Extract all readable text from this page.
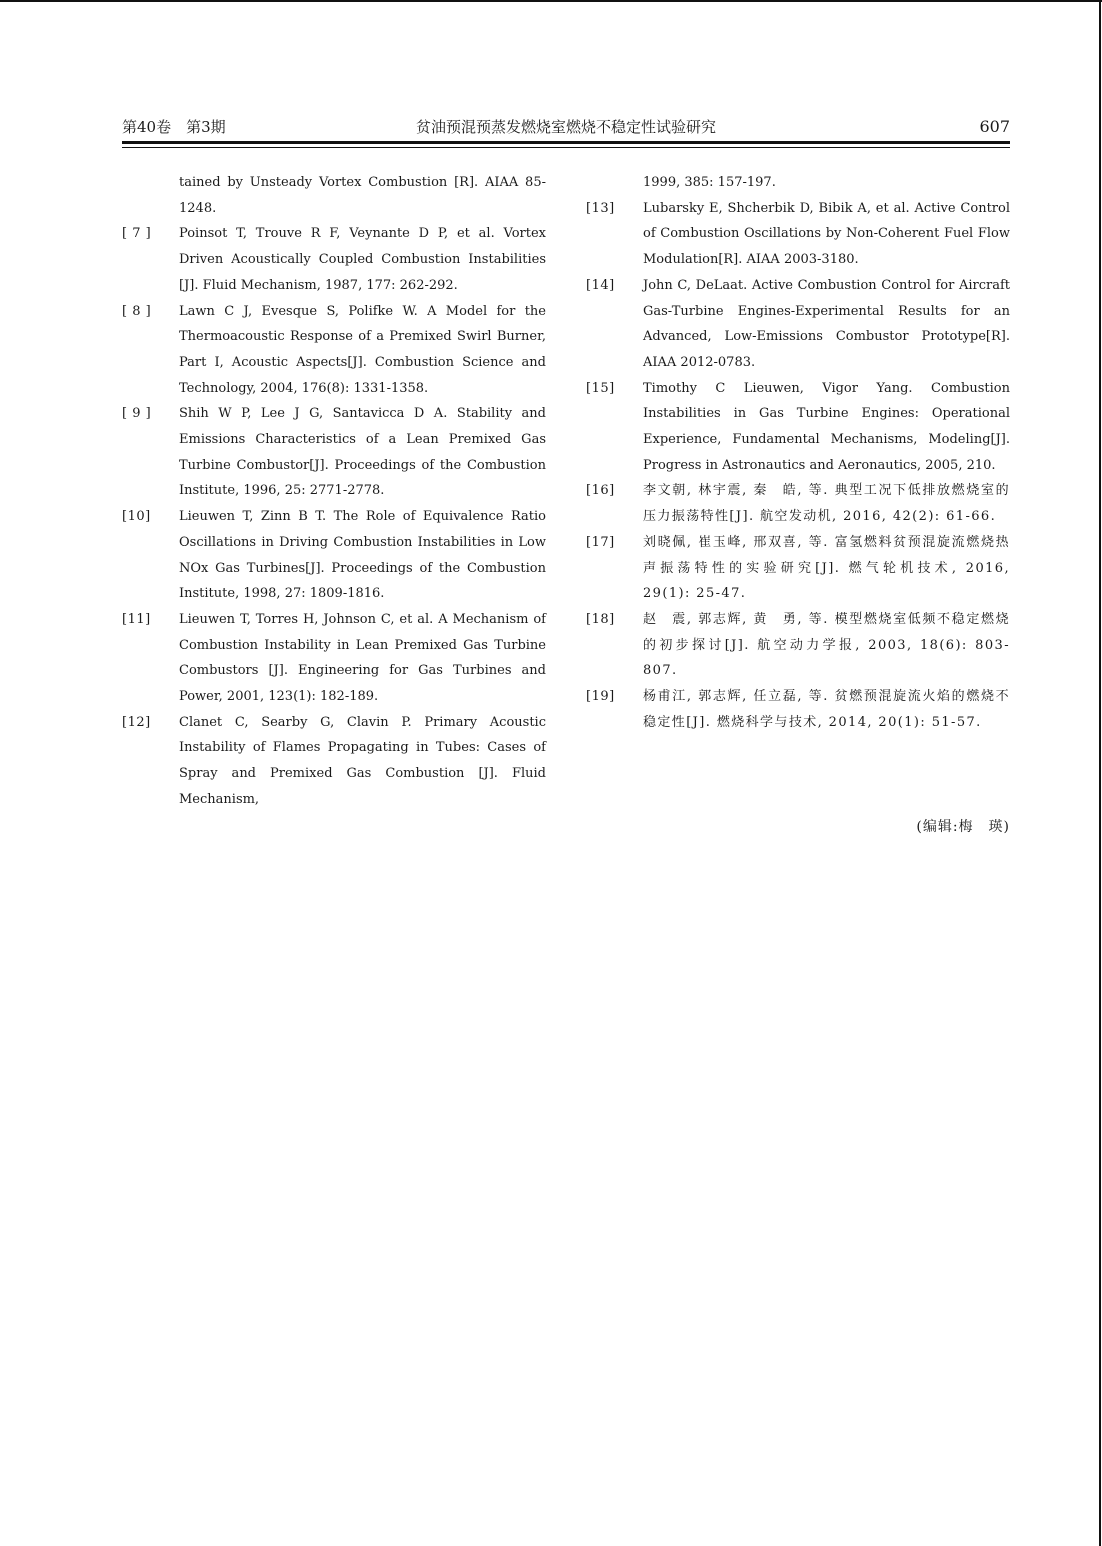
第40卷　第3期	贫油预混预蒸发燃烧室燃烧不稳定性试验研究	607
tained by Unsteady Vortex Combustion [R]. AIAA 85-1248.
[ 7 ]	Poinsot T, Trouve R F, Veynante D P, et al. Vortex Driven Acoustically Coupled Combustion Instabilities [J]. Fluid Mechanism, 1987, 177: 262-292.
[ 8 ]	Lawn C J, Evesque S, Polifke W. A Model for the Thermoacoustic Response of a Premixed Swirl Burner, Part I, Acoustic Aspects[J]. Combustion Science and Technology, 2004, 176(8): 1331-1358.
[ 9 ]	Shih W P, Lee J G, Santavicca D A. Stability and Emissions Characteristics of a Lean Premixed Gas Turbine Combustor[J]. Proceedings of the Combustion Institute, 1996, 25: 2771-2778.
[10]	Lieuwen T, Zinn B T. The Role of Equivalence Ratio Oscillations in Driving Combustion Instabilities in Low NOx Gas Turbines[J]. Proceedings of the Combustion Institute, 1998, 27: 1809-1816.
[11]	Lieuwen T, Torres H, Johnson C, et al. A Mechanism of Combustion Instability in Lean Premixed Gas Turbine Combustors [J]. Engineering for Gas Turbines and Power, 2001, 123(1): 182-189.
[12]	Clanet C, Searby G, Clavin P. Primary Acoustic Instability of Flames Propagating in Tubes: Cases of Spray and Premixed Gas Combustion [J]. Fluid Mechanism,
1999, 385: 157-197.
[13]	Lubarsky E, Shcherbik D, Bibik A, et al. Active Control of Combustion Oscillations by Non-Coherent Fuel Flow Modulation[R]. AIAA 2003-3180.
[14]	John C, DeLaat. Active Combustion Control for Aircraft Gas-Turbine Engines-Experimental Results for an Advanced, Low-Emissions Combustor Prototype[R]. AIAA 2012-0783.
[15]	Timothy C Lieuwen, Vigor Yang. Combustion Instabilities in Gas Turbine Engines: Operational Experience, Fundamental Mechanisms, Modeling[J]. Progress in Astronautics and Aeronautics, 2005, 210.
[16]	李文朝, 林宇震, 秦　皓, 等. 典型工况下低排放燃烧室的压力振荡特性[J]. 航空发动机, 2016, 42(2): 61-66.
[17]	刘晓佩, 崔玉峰, 邢双喜, 等. 富氢燃料贫预混旋流燃烧热声振荡特性的实验研究[J]. 燃气轮机技术, 2016, 29(1): 25-47.
[18]	赵　震, 郭志辉, 黄　勇, 等. 模型燃烧室低频不稳定燃烧的初步探讨[J]. 航空动力学报, 2003, 18(6): 803-807.
[19]	杨甫江, 郭志辉, 任立磊, 等. 贫燃预混旋流火焰的燃烧不稳定性[J]. 燃烧科学与技术, 2014, 20(1): 51-57.
(编辑:梅　瑛)
